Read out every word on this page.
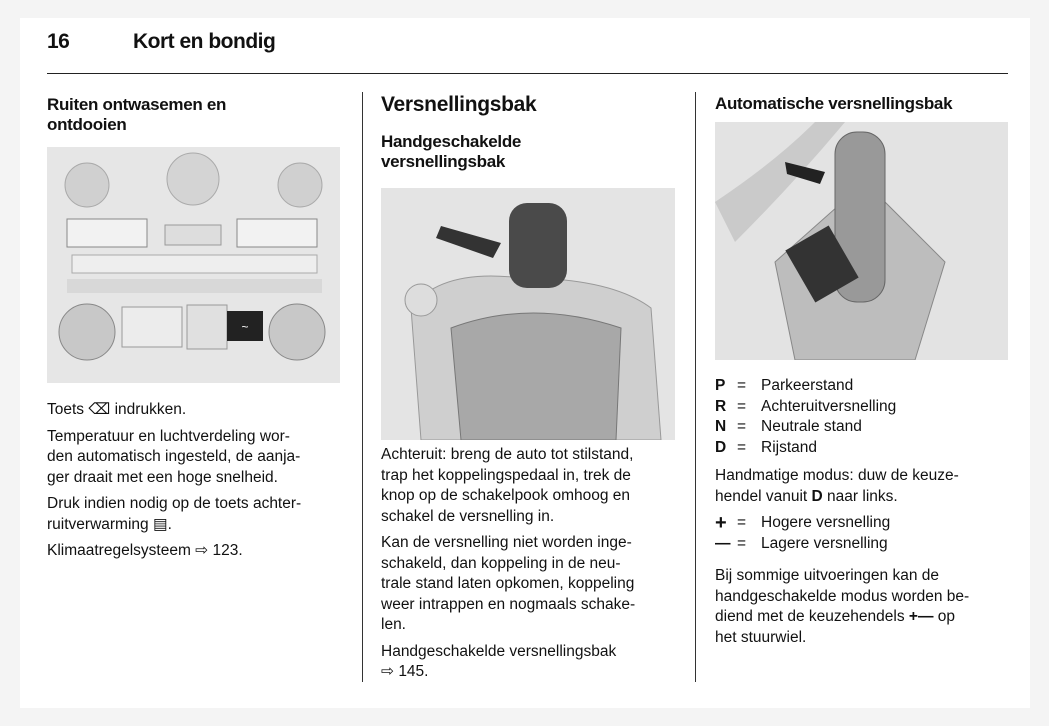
16	Kort en bondig
Ruiten ontwasemen en
ontdooien
~
Toets ⌫ indrukken.
Temperatuur en luchtverdeling wor-
den automatisch ingesteld, de aanja-
ger draait met een hoge snelheid.
Druk indien nodig op de toets achter-
ruitverwarming ▤.
Klimaatregelsysteem ⇨ 123.
Versnellingsbak
Handgeschakelde
versnellingsbak
Achteruit: breng de auto tot stilstand,
trap het koppelingspedaal in, trek de
knop op de schakelpook omhoog en
schakel de versnelling in.
Kan de versnelling niet worden inge-
schakeld, dan koppeling in de neu-
trale stand laten opkomen, koppeling
weer intrappen en nogmaals schake-
len.
Handgeschakelde versnellingsbak
⇨ 145.
Automatische versnellingsbak
P = Parkeerstand
R = Achteruitversnelling
N = Neutrale stand
D = Rijstand
Handmatige modus: duw de keuze-
hendel vanuit D naar links.
+ = Hogere versnelling
— = Lagere versnelling
Bij sommige uitvoeringen kan de
handgeschakelde modus worden be-
diend met de keuzehendels +— op
het stuurwiel.
